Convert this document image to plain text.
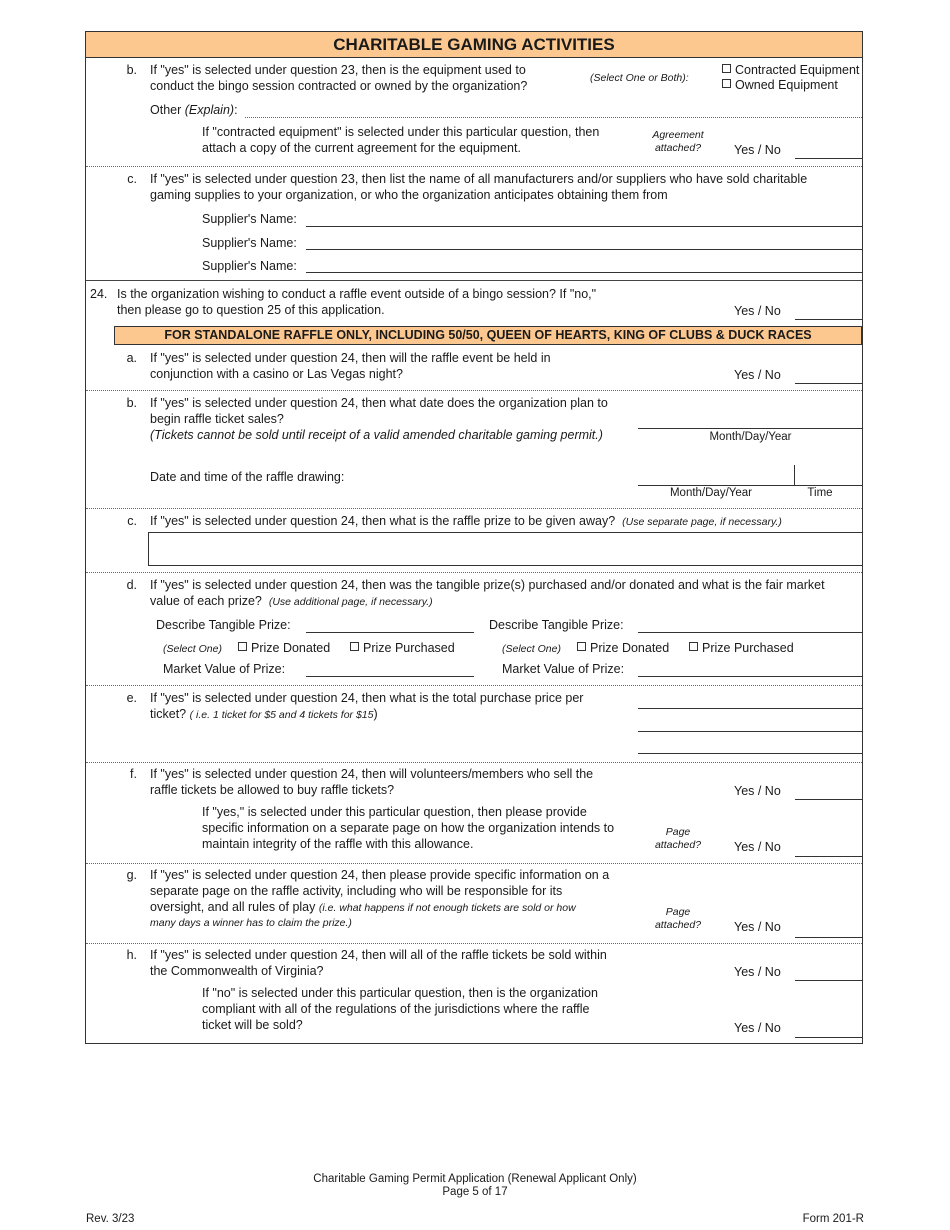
CHARITABLE GAMING ACTIVITIES
b. If "yes" is selected under question 23, then is the equipment used to
conduct the bingo session contracted or owned by the organization?
(Select One or Both):
Contracted Equipment
Owned Equipment
Other (Explain):
If "contracted equipment" is selected under this particular question, then
attach a copy of the current agreement for the equipment.
Agreement
attached?	Yes / No
c. If "yes" is selected under question 23, then list the name of all manufacturers and/or suppliers who have sold charitable
gaming supplies to your organization, or who the organization anticipates obtaining them from
Supplier's Name:
Supplier's Name:
Supplier's Name:
24. Is the organization wishing to conduct a raffle event outside of a bingo session? If "no,"
then please go to question 25 of this application.	Yes / No
FOR STANDALONE RAFFLE ONLY, INCLUDING 50/50, QUEEN OF HEARTS, KING OF CLUBS & DUCK RACES
a. If "yes" is selected under question 24, then will the raffle event be held in
conjunction with a casino or Las Vegas night?	Yes / No
b. If "yes" is selected under question 24, then what date does the organization plan to
begin raffle ticket sales?
(Tickets cannot be sold until receipt of a valid amended charitable gaming permit.)	Month/Day/Year
Date and time of the raffle drawing:
Month/Day/Year	Time
c. If "yes" is selected under question 24, then what is the raffle prize to be given away? (Use separate page, if necessary.)
d. If "yes" is selected under question 24, then was the tangible prize(s) purchased and/or donated and what is the fair market
value of each prize? (Use additional page, if necessary.)
Describe Tangible Prize:	Describe Tangible Prize:
(Select One)	Prize Donated	Prize Purchased	(Select One)	Prize Donated	Prize Purchased
Market Value of Prize:	Market Value of Prize:
e. If "yes" is selected under question 24, then what is the total purchase price per
ticket? ( i.e. 1 ticket for $5 and 4 tickets for $15)
f. If "yes" is selected under question 24, then will volunteers/members who sell the
raffle tickets be allowed to buy raffle tickets?	Yes / No
If "yes," is selected under this particular question, then please provide
specific information on a separate page on how the organization intends to
maintain integrity of the raffle with this allowance.
Page
attached?	Yes / No
g. If "yes" is selected under question 24, then please provide specific information on a
separate page on the raffle activity, including who will be responsible for its
oversight, and all rules of play (i.e. what happens if not enough tickets are sold or how
many days a winner has to claim the prize.)
Page
attached?	Yes / No
h. If "yes" is selected under question 24, then will all of the raffle tickets be sold within
the Commonwealth of Virginia?	Yes / No
If "no" is selected under this particular question, then is the organization
compliant with all of the regulations of the jurisdictions where the raffle
ticket will be sold?	Yes / No
Rev. 3/23
Charitable Gaming Permit Application (Renewal Applicant Only)
Page 5 of 17
Form 201-R
